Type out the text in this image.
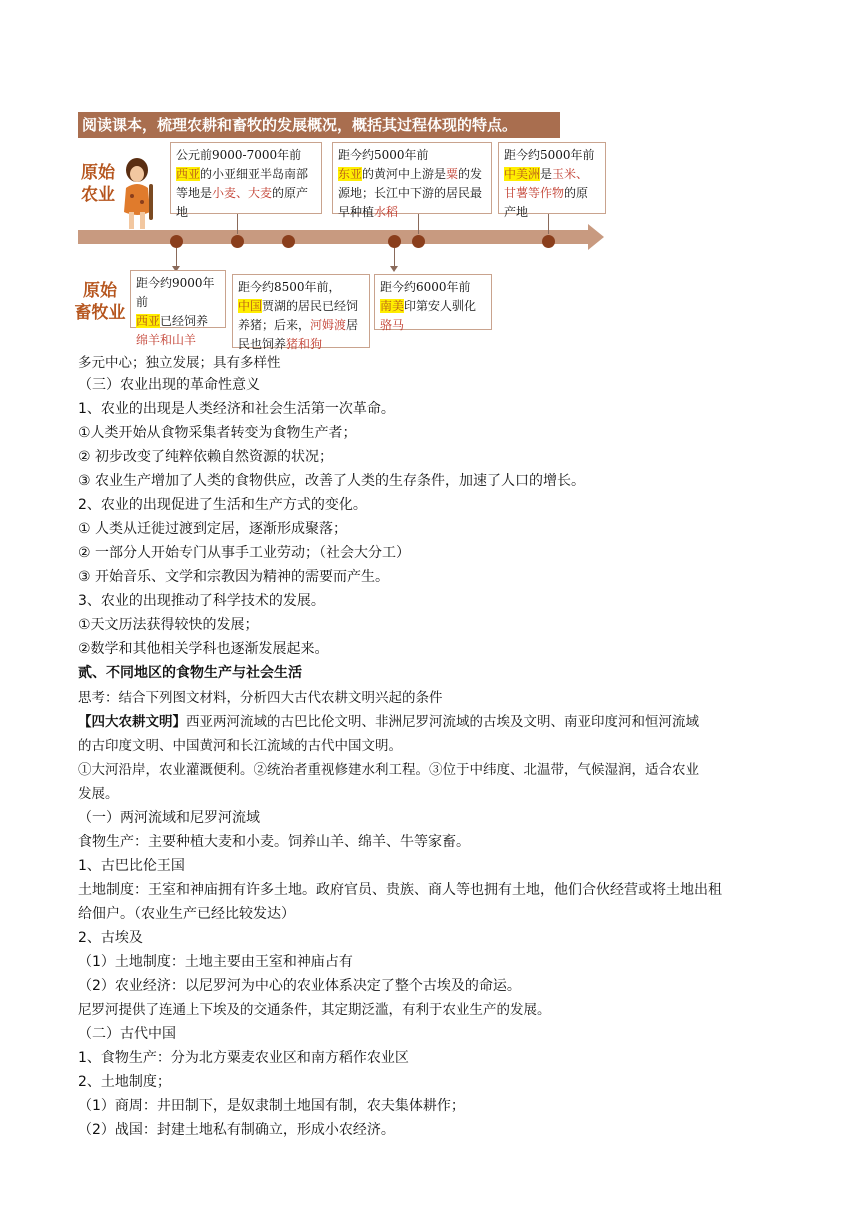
阅读课本，梳理农耕和畜牧的发展概况，概括其过程体现的特点。
原始
农业
原始
畜牧业
公元前9000-7000年前
西亚的小亚细亚半岛南部等地是小麦、大麦的原产地
距今约5000年前
东亚的黄河中上游是粟的发源地；长江中下游的居民最早种植水稻
距今约5000年前
中美洲是玉米、甘薯等作物的原产地
距今约9000年前
西亚已经饲养绵羊和山羊
距今约8500年前，
中国贾湖的居民已经饲养猪；后来，河姆渡居民也饲养猪和狗
距今约6000年前
南美印第安人驯化骆马
多元中心；独立发展；具有多样性
（三）农业出现的革命性意义
1、农业的出现是人类经济和社会生活第一次革命。
①人类开始从食物采集者转变为食物生产者；
② 初步改变了纯粹依赖自然资源的状况；
③ 农业生产增加了人类的食物供应，改善了人类的生存条件，加速了人口的增长。
2、农业的出现促进了生活和生产方式的变化。
① 人类从迁徙过渡到定居，逐渐形成聚落；
② 一部分人开始专门从事手工业劳动；（社会大分工）
③ 开始音乐、文学和宗教因为精神的需要而产生。
3、农业的出现推动了科学技术的发展。
①天文历法获得较快的发展；
②数学和其他相关学科也逐渐发展起来。
贰、不同地区的食物生产与社会生活
思考：结合下列图文材料，分析四大古代农耕文明兴起的条件
【四大农耕文明】西亚两河流域的古巴比伦文明、非洲尼罗河流域的古埃及文明、南亚印度河和恒河流域
的古印度文明、中国黄河和长江流域的古代中国文明。
①大河沿岸，农业灌溉便利。②统治者重视修建水利工程。③位于中纬度、北温带，气候湿润，适合农业
发展。
（一）两河流域和尼罗河流域
食物生产：主要种植大麦和小麦。饲养山羊、绵羊、牛等家畜。
1、古巴比伦王国
土地制度：王室和神庙拥有许多土地。政府官员、贵族、商人等也拥有土地，他们合伙经营或将土地出租
给佃户。（农业生产已经比较发达）
2、古埃及
（1）土地制度：土地主要由王室和神庙占有
（2）农业经济：以尼罗河为中心的农业体系决定了整个古埃及的命运。
尼罗河提供了连通上下埃及的交通条件，其定期泛滥，有利于农业生产的发展。
（二）古代中国
1、食物生产：分为北方粟麦农业区和南方稻作农业区
2、土地制度；
（1）商周：井田制下，是奴隶制土地国有制，农夫集体耕作；
（2）战国：封建土地私有制确立，形成小农经济。
